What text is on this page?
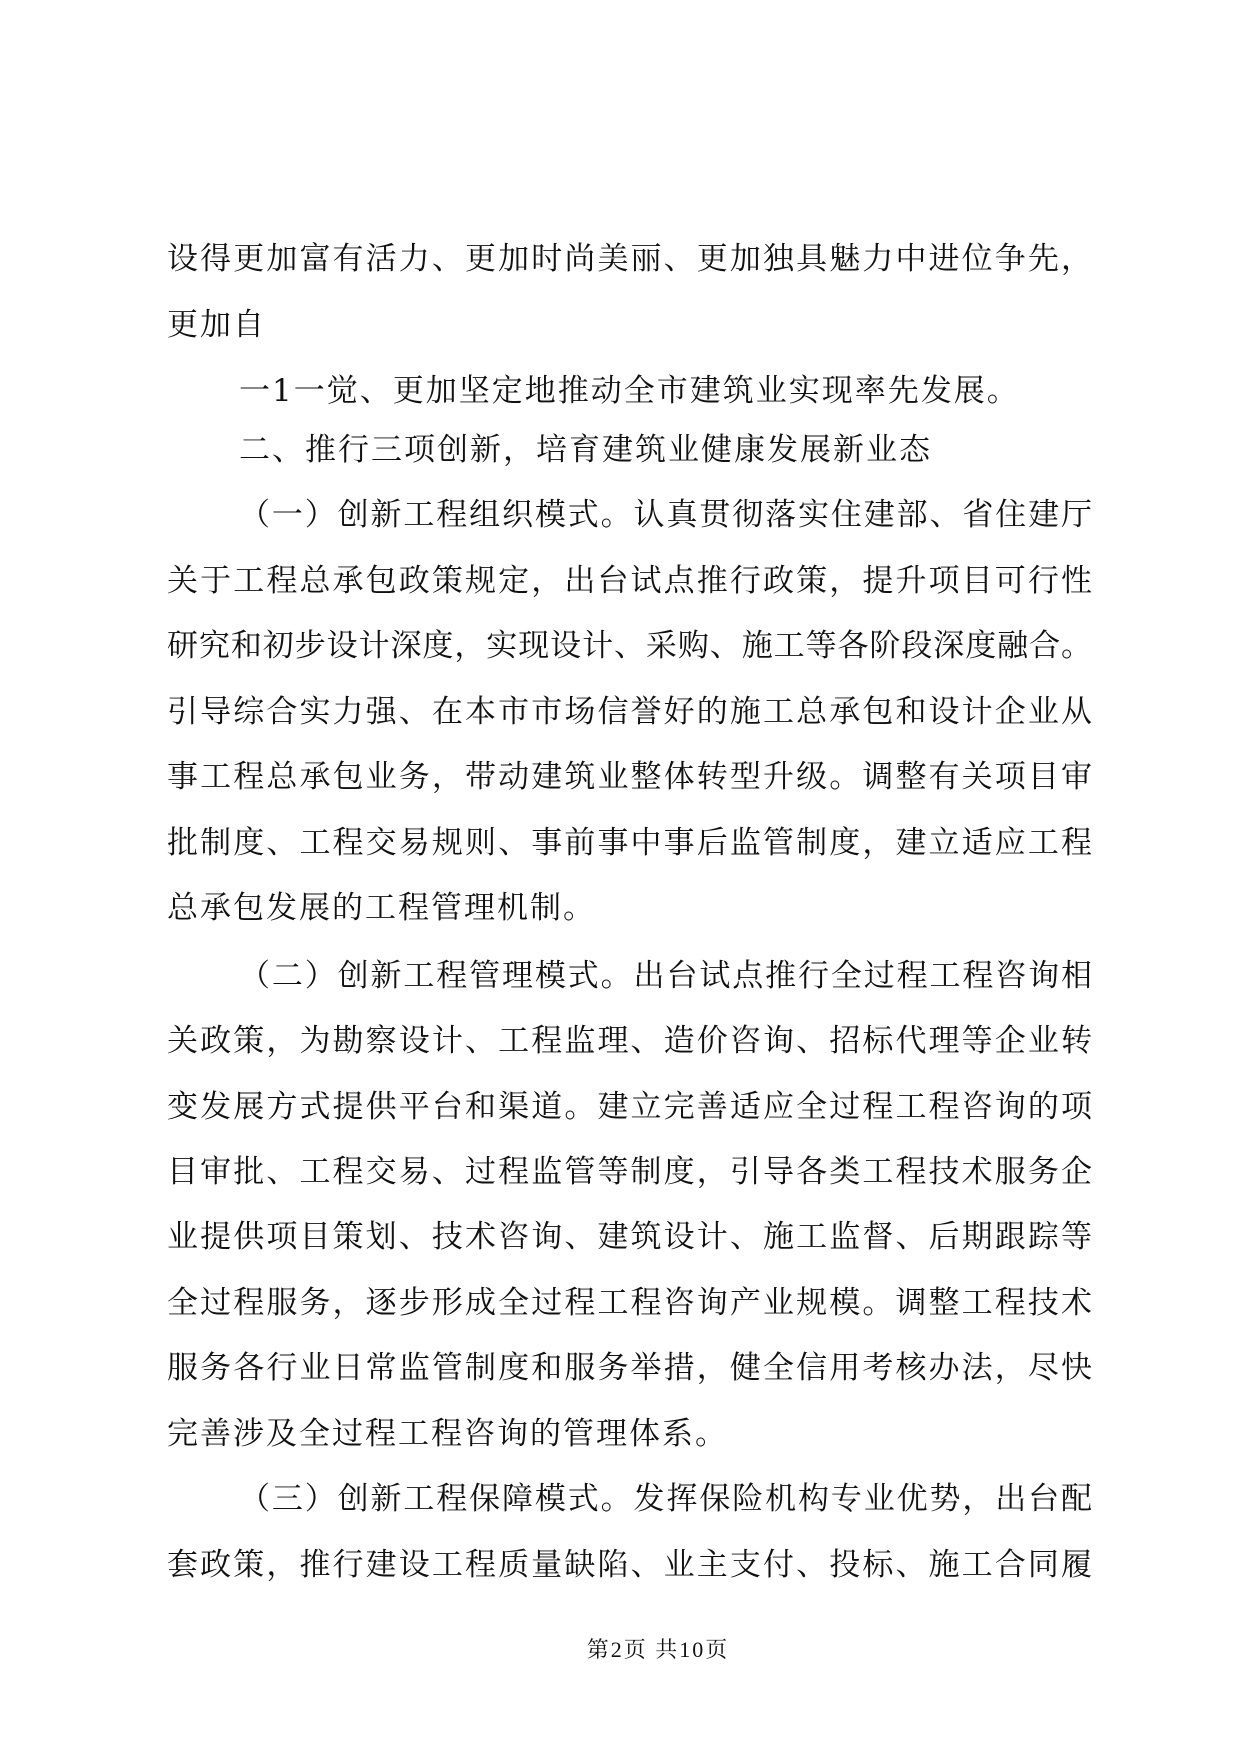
设得更加富有活力、更加时尚美丽、更加独具魅力中进位争先，
更加自
一1一觉、更加坚定地推动全市建筑业实现率先发展。
二、推行三项创新，培育建筑业健康发展新业态
（一）创新工程组织模式。认真贯彻落实住建部、省住建厅
关于工程总承包政策规定，出台试点推行政策，提升项目可行性
研究和初步设计深度，实现设计、采购、施工等各阶段深度融合。
引导综合实力强、在本市市场信誉好的施工总承包和设计企业从
事工程总承包业务，带动建筑业整体转型升级。调整有关项目审
批制度、工程交易规则、事前事中事后监管制度，建立适应工程
总承包发展的工程管理机制。
（二）创新工程管理模式。出台试点推行全过程工程咨询相
关政策，为勘察设计、工程监理、造价咨询、招标代理等企业转
变发展方式提供平台和渠道。建立完善适应全过程工程咨询的项
目审批、工程交易、过程监管等制度，引导各类工程技术服务企
业提供项目策划、技术咨询、建筑设计、施工监督、后期跟踪等
全过程服务，逐步形成全过程工程咨询产业规模。调整工程技术
服务各行业日常监管制度和服务举措，健全信用考核办法，尽快
完善涉及全过程工程咨询的管理体系。
（三）创新工程保障模式。发挥保险机构专业优势，出台配
套政策，推行建设工程质量缺陷、业主支付、投标、施工合同履
第2页 共10页
